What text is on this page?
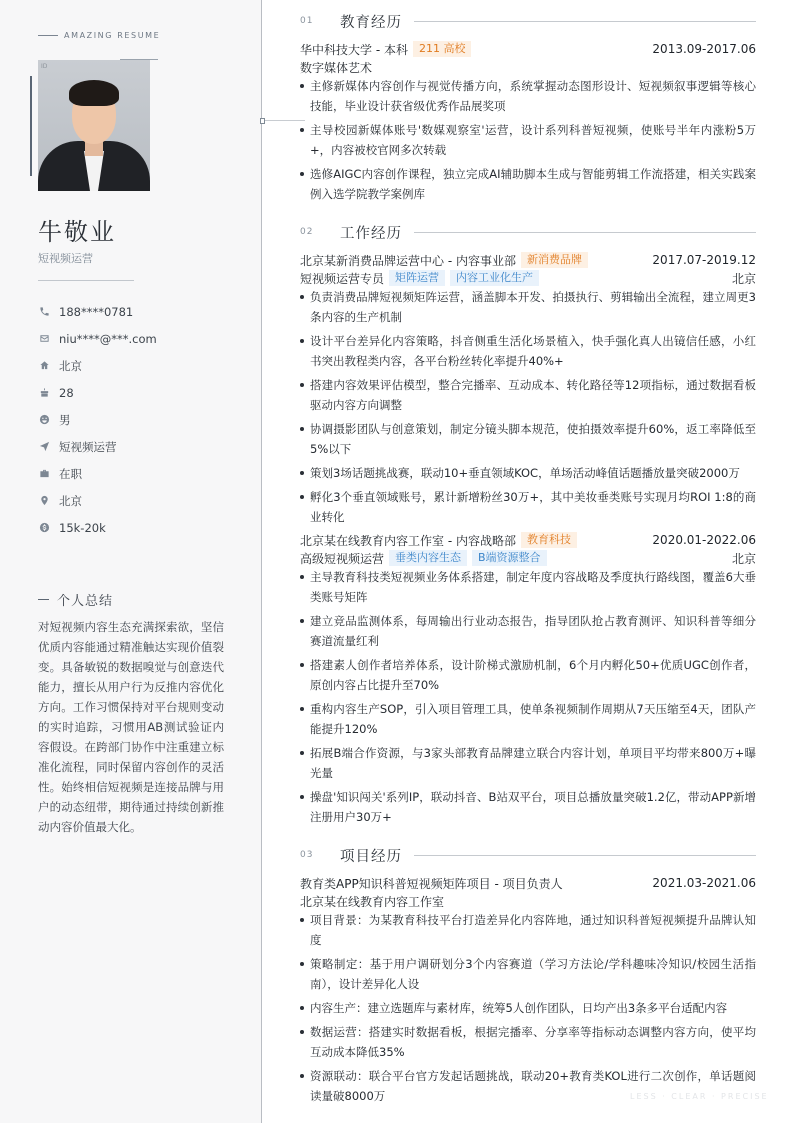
AMAZING RESUME
ID
牛敬业
短视频运营
188****0781
niu****@***.com
北京
28
男
短视频运营
在职
北京
15k-20k
个人总结

对短视频内容生态充满探索欲，坚信优质内容能通过精准触达实现价值裂变。具备敏锐的数据嗅觉与创意迭代能力，擅长从用户行为反推内容优化方向。工作习惯保持对平台规则变动的实时追踪，习惯用AB测试验证内容假设。在跨部门协作中注重建立标准化流程，同时保留内容创作的灵活性。始终相信短视频是连接品牌与用户的动态纽带，期待通过持续创新推动内容价值最大化。

01	教育经历
华中科技大学 - 本科	211 高校	2013.09-2017.06
数字媒体艺术
主修新媒体内容创作与视觉传播方向，系统掌握动态图形设计、短视频叙事逻辑等核心技能，毕业设计获省级优秀作品展奖项
主导校园新媒体账号'数媒观察室'运营，设计系列科普短视频，使账号半年内涨粉5万+，内容被校官网多次转载
选修AIGC内容创作课程，独立完成AI辅助脚本生成与智能剪辑工作流搭建，相关实践案例入选学院教学案例库
02	工作经历
北京某新消费品牌运营中心 - 内容事业部	新消费品牌	2017.07-2019.12
短视频运营专员	矩阵运营	内容工业化生产	北京
负责消费品牌短视频矩阵运营，涵盖脚本开发、拍摄执行、剪辑输出全流程，建立周更3条内容的生产机制
设计平台差异化内容策略，抖音侧重生活化场景植入，快手强化真人出镜信任感，小红书突出教程类内容，各平台粉丝转化率提升40%+
搭建内容效果评估模型，整合完播率、互动成本、转化路径等12项指标，通过数据看板驱动内容方向调整
协调摄影团队与创意策划，制定分镜头脚本规范，使拍摄效率提升60%，返工率降低至5%以下
策划3场话题挑战赛，联动10+垂直领域KOC，单场活动峰值话题播放量突破2000万
孵化3个垂直领域账号，累计新增粉丝30万+，其中美妆垂类账号实现月均ROI 1:8的商业转化
北京某在线教育内容工作室 - 内容战略部	教育科技	2020.01-2022.06
高级短视频运营	垂类内容生态	B端资源整合	北京
主导教育科技类短视频业务体系搭建，制定年度内容战略及季度执行路线图，覆盖6大垂类账号矩阵
建立竞品监测体系，每周输出行业动态报告，指导团队抢占教育测评、知识科普等细分赛道流量红利
搭建素人创作者培养体系，设计阶梯式激励机制，6个月内孵化50+优质UGC创作者，原创内容占比提升至70%
重构内容生产SOP，引入项目管理工具，使单条视频制作周期从7天压缩至4天，团队产能提升120%
拓展B端合作资源，与3家头部教育品牌建立联合内容计划，单项目平均带来800万+曝光量
操盘'知识闯关'系列IP，联动抖音、B站双平台，项目总播放量突破1.2亿，带动APP新增注册用户30万+
03	项目经历
教育类APP知识科普短视频矩阵项目 - 项目负责人	2021.03-2021.06
北京某在线教育内容工作室
项目背景：为某教育科技平台打造差异化内容阵地，通过知识科普短视频提升品牌认知度
策略制定：基于用户调研划分3个内容赛道（学习方法论/学科趣味冷知识/校园生活指南），设计差异化人设
内容生产：建立选题库与素材库，统筹5人创作团队，日均产出3条多平台适配内容
数据运营：搭建实时数据看板，根据完播率、分享率等指标动态调整内容方向，使平均互动成本降低35%
资源联动：联合平台官方发起话题挑战，联动20+教育类KOL进行二次创作，单话题阅读量破8000万	LESS · CLEAR · PRECISE
